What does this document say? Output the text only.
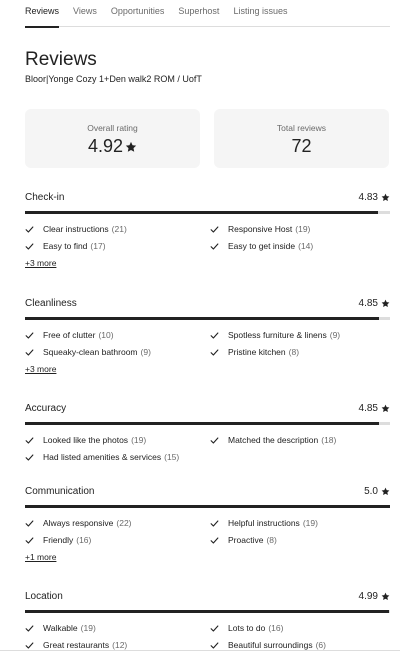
Reviews Views Opportunities Superhost Listing issues
Reviews
Bloor|Yonge Cozy 1+Den walk2 ROM / UofT
Overall rating
4.92
Total reviews
72
Check-in	4.83
Clear instructions (21)	Responsive Host (19)
Easy to find (17)	Easy to get inside (14)
+3 more
Cleanliness	4.85
Free of clutter (10)	Spotless furniture & linens (9)
Squeaky-clean bathroom (9)	Pristine kitchen (8)
+3 more
Accuracy	4.85
Looked like the photos (19)	Matched the description (18)
Had listed amenities & services (15)
Communication	5.0
Always responsive (22)	Helpful instructions (19)
Friendly (16)	Proactive (8)
+1 more
Location	4.99
Walkable (19)	Lots to do (16)
Great restaurants (12)	Beautiful surroundings (6)
